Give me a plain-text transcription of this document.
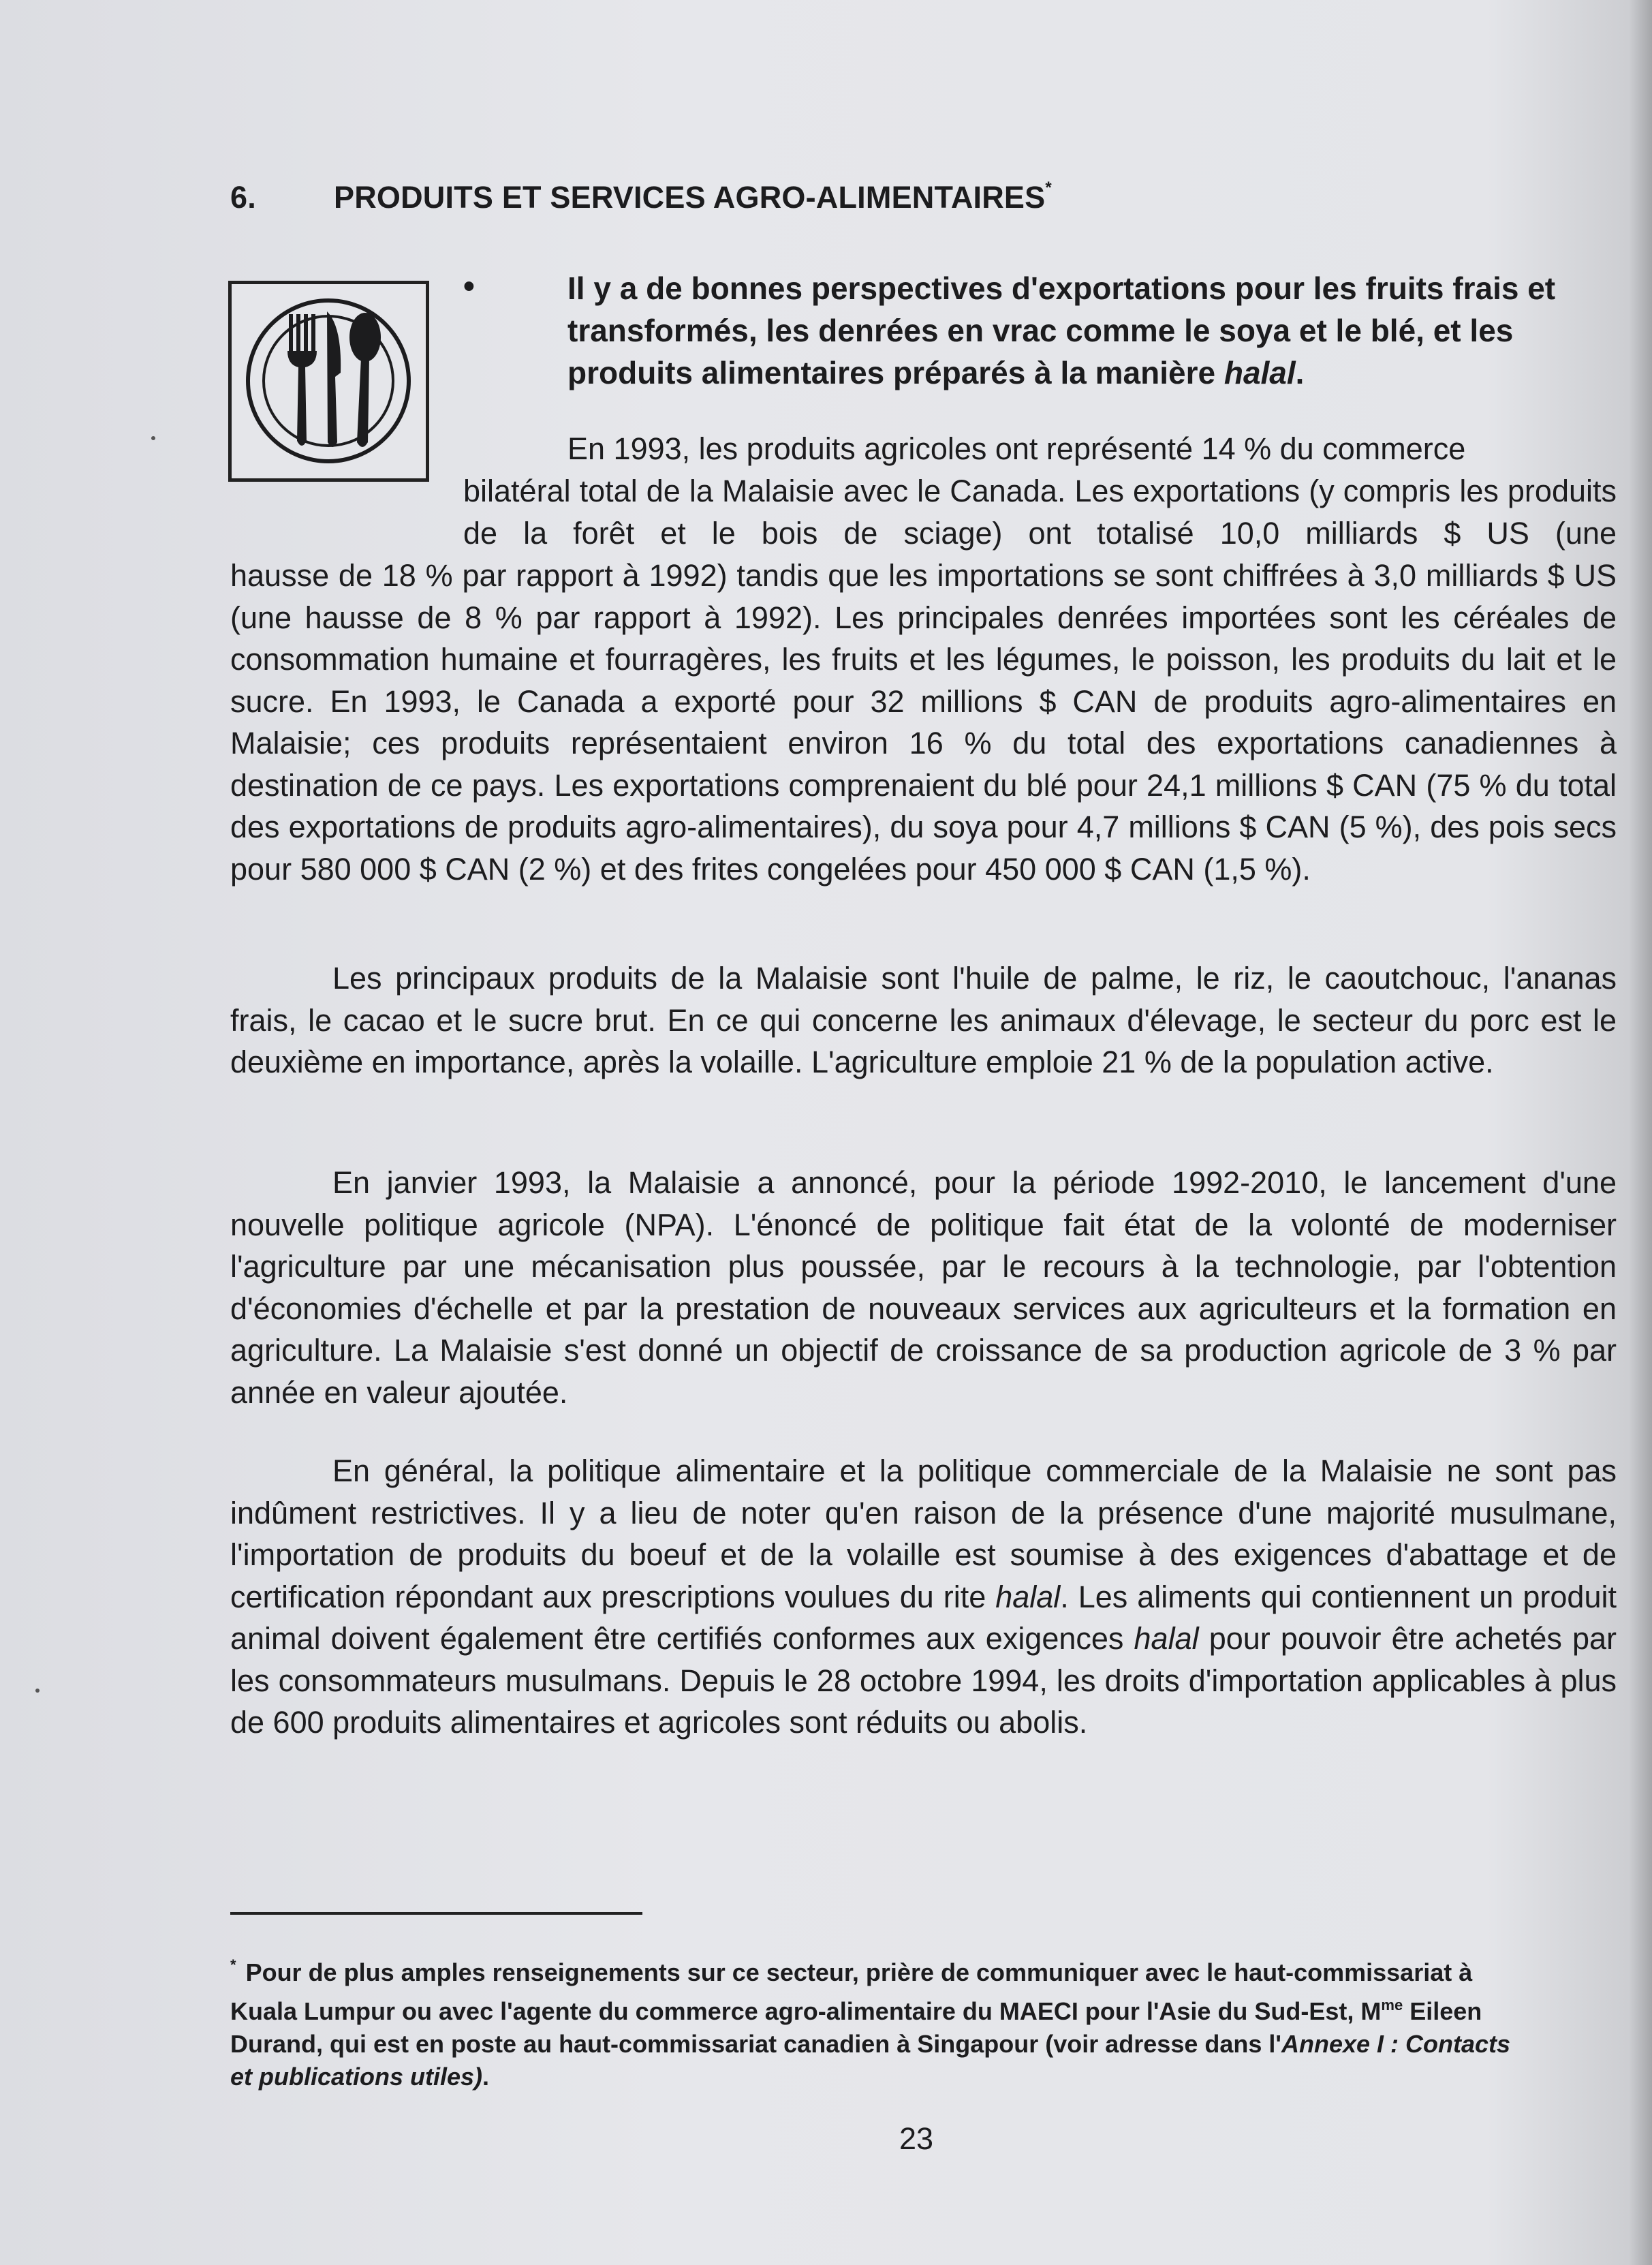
6.	PRODUITS ET SERVICES AGRO-ALIMENTAIRES*
•	Il y a de bonnes perspectives d'exportations pour les fruits frais et transformés, les denrées en vrac comme le soya et le blé, et les produits alimentaires préparés à la manière halal.
En 1993, les produits agricoles ont représenté 14 % du commerce
bilatéral total de la Malaisie avec le Canada. Les exportations (y compris les produits de la forêt et le bois de sciage) ont totalisé 10,0 milliards $ US (une
hausse de 18 % par rapport à 1992) tandis que les importations se sont chiffrées à 3,0 milliards $ US (une hausse de 8 % par rapport à 1992). Les principales denrées importées sont les céréales de consommation humaine et fourragères, les fruits et les légumes, le poisson, les produits du lait et le sucre. En 1993, le Canada a exporté pour 32 millions $ CAN de produits agro-alimentaires en Malaisie; ces produits représentaient environ 16 % du total des exportations canadiennes à destination de ce pays. Les exportations comprenaient du blé pour 24,1 millions $ CAN (75 % du total des exportations de produits agro-alimentaires), du soya pour 4,7 millions $ CAN (5 %), des pois secs pour 580 000 $ CAN (2 %) et des frites congelées pour 450 000 $ CAN (1,5 %).
Les principaux produits de la Malaisie sont l'huile de palme, le riz, le caoutchouc, l'ananas frais, le cacao et le sucre brut. En ce qui concerne les animaux d'élevage, le secteur du porc est le deuxième en importance, après la volaille. L'agriculture emploie 21 % de la population active.
En janvier 1993, la Malaisie a annoncé, pour la période 1992-2010, le lancement d'une nouvelle politique agricole (NPA). L'énoncé de politique fait état de la volonté de moderniser l'agriculture par une mécanisation plus poussée, par le recours à la technologie, par l'obtention d'économies d'échelle et par la prestation de nouveaux services aux agriculteurs et la formation en agriculture. La Malaisie s'est donné un objectif de croissance de sa production agricole de 3 % par année en valeur ajoutée.
En général, la politique alimentaire et la politique commerciale de la Malaisie ne sont pas indûment restrictives. Il y a lieu de noter qu'en raison de la présence d'une majorité musulmane, l'importation de produits du boeuf et de la volaille est soumise à des exigences d'abattage et de certification répondant aux prescriptions voulues du rite halal. Les aliments qui contiennent un produit animal doivent également être certifiés conformes aux exigences halal pour pouvoir être achetés par les consommateurs musulmans. Depuis le 28 octobre 1994, les droits d'importation applicables à plus de 600 produits alimentaires et agricoles sont réduits ou abolis.
* Pour de plus amples renseignements sur ce secteur, prière de communiquer avec le haut-commissariat à Kuala Lumpur ou avec l'agente du commerce agro-alimentaire du MAECI pour l'Asie du Sud-Est, $M^{me}$ Eileen Durand, qui est en poste au haut-commissariat canadien à Singapour (voir adresse dans l'Annexe I : Contacts et publications utiles).
23
